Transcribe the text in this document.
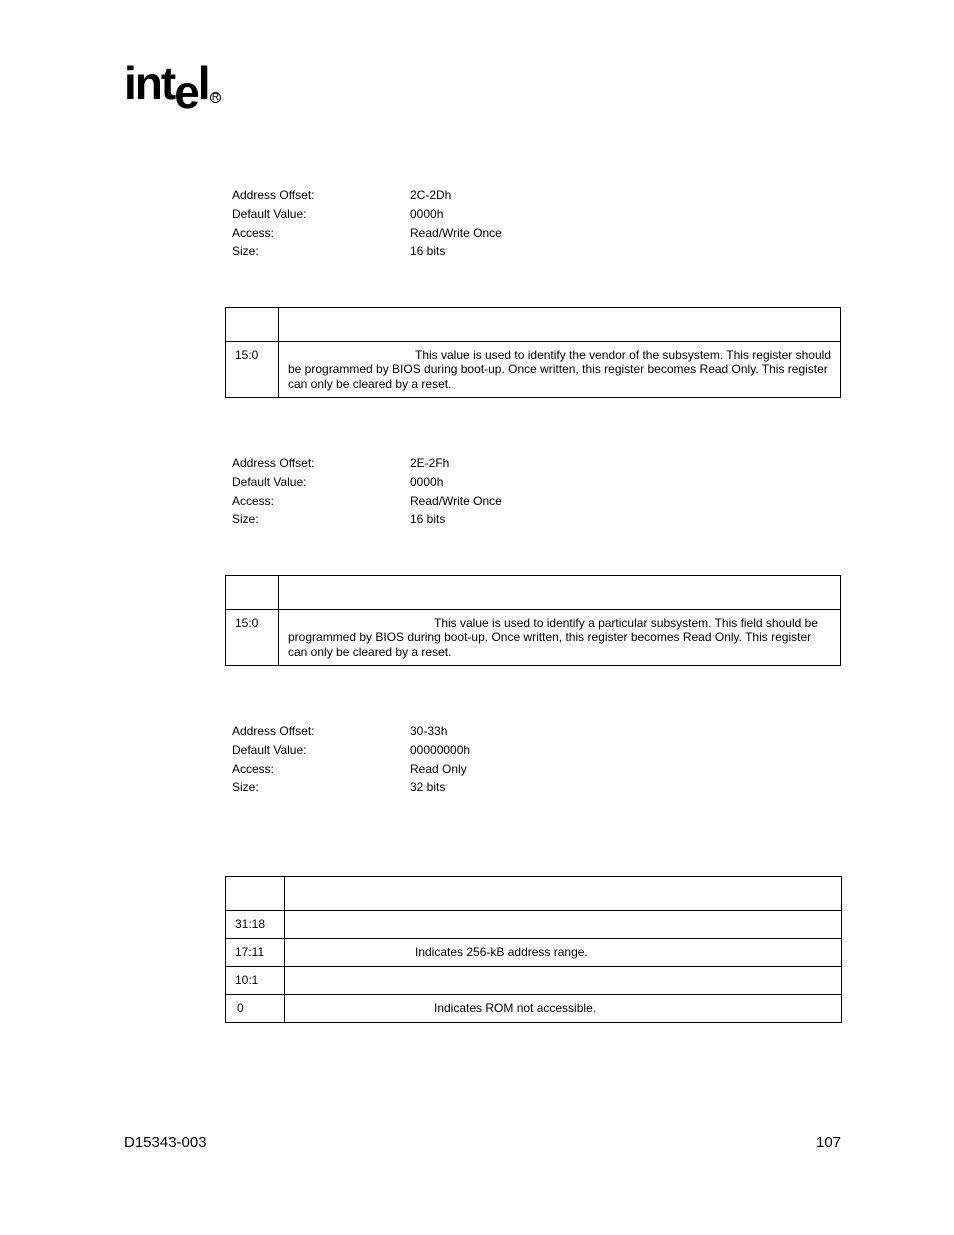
intel R
Address Offset:	2C-2Dh
Default Value:	0000h
Access:	Read/Write Once
Size:	16 bits

15:0	This value is used to identify the vendor of the subsystem. This register should be programmed by BIOS during boot-up. Once written, this register becomes Read Only. This register can only be cleared by a reset.
Address Offset:	2E-2Fh
Default Value:	0000h
Access:	Read/Write Once
Size:	16 bits

15:0	This value is used to identify a particular subsystem. This field should be programmed by BIOS during boot-up. Once written, this register becomes Read Only. This register can only be cleared by a reset.
Address Offset:	30-33h
Default Value:	00000000h
Access:	Read Only
Size:	32 bits

31:18	
17:11	Indicates 256-kB address range.
10:1	
0	Indicates ROM not accessible.
D15343-003	107
